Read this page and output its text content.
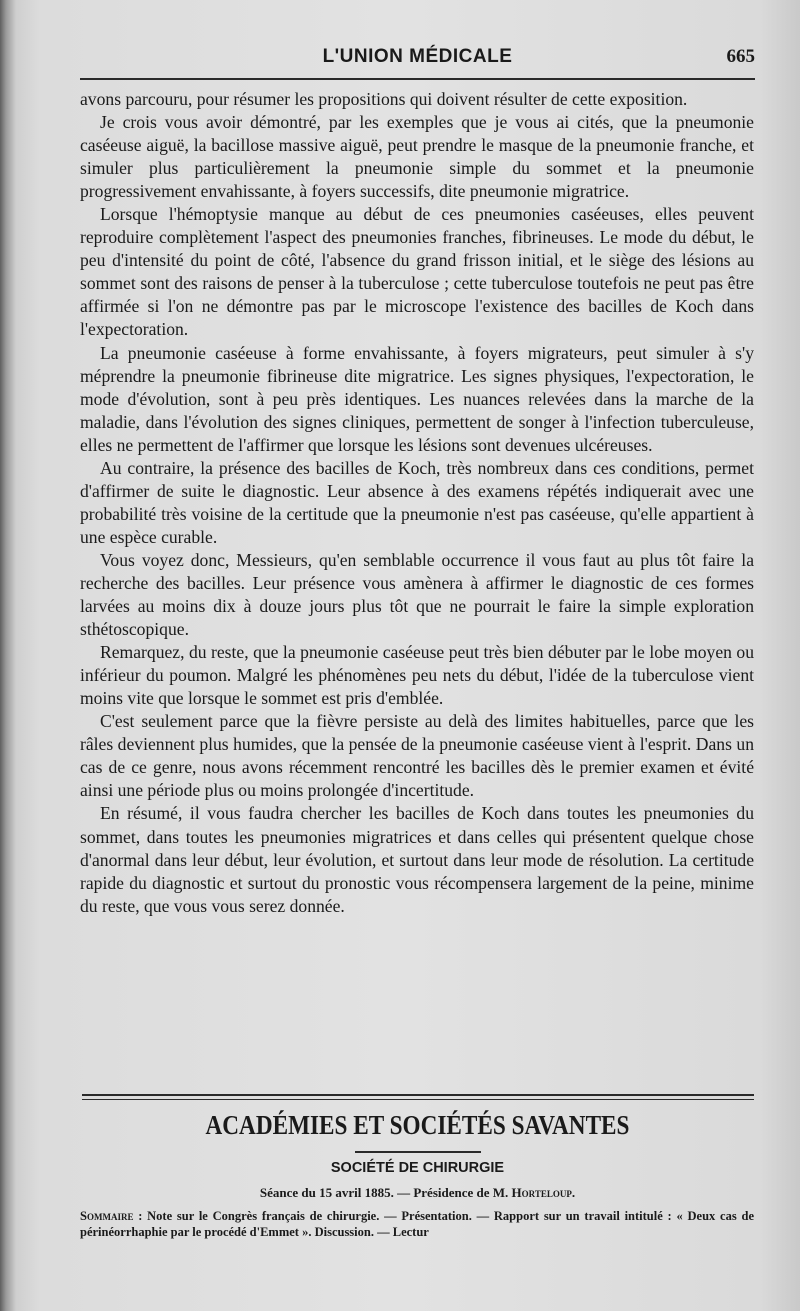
L'UNION MÉDICALE	665

avons parcouru, pour résumer les propositions qui doivent résulter de cette exposition.

Je crois vous avoir démontré, par les exemples que je vous ai cités, que la pneumonie caséeuse aiguë, la bacillose massive aiguë, peut prendre le masque de la pneumonie franche, et simuler plus particulièrement la pneumonie simple du sommet et la pneumonie progressivement envahissante, à foyers successifs, dite pneumonie migratrice.

Lorsque l'hémoptysie manque au début de ces pneumonies caséeuses, elles peuvent reproduire complètement l'aspect des pneumonies franches, fibrineuses. Le mode du début, le peu d'intensité du point de côté, l'absence du grand frisson initial, et le siège des lésions au sommet sont des raisons de penser à la tuberculose ; cette tuberculose toutefois ne peut pas être affirmée si l'on ne démontre pas par le microscope l'existence des bacilles de Koch dans l'expectoration.

La pneumonie caséeuse à forme envahissante, à foyers migrateurs, peut simuler à s'y méprendre la pneumonie fibrineuse dite migratrice. Les signes physiques, l'expectoration, le mode d'évolution, sont à peu près identiques. Les nuances relevées dans la marche de la maladie, dans l'évolution des signes cliniques, permettent de songer à l'infection tuberculeuse, elles ne permettent de l'affirmer que lorsque les lésions sont devenues ulcéreuses.

Au contraire, la présence des bacilles de Koch, très nombreux dans ces conditions, permet d'affirmer de suite le diagnostic. Leur absence à des examens répétés indiquerait avec une probabilité très voisine de la certitude que la pneumonie n'est pas caséeuse, qu'elle appartient à une espèce curable.

Vous voyez donc, Messieurs, qu'en semblable occurrence il vous faut au plus tôt faire la recherche des bacilles. Leur présence vous amènera à affirmer le diagnostic de ces formes larvées au moins dix à douze jours plus tôt que ne pourrait le faire la simple exploration sthétoscopique.

Remarquez, du reste, que la pneumonie caséeuse peut très bien débuter par le lobe moyen ou inférieur du poumon. Malgré les phénomènes peu nets du début, l'idée de la tuberculose vient moins vite que lorsque le sommet est pris d'emblée.

C'est seulement parce que la fièvre persiste au delà des limites habituelles, parce que les râles deviennent plus humides, que la pensée de la pneumonie caséeuse vient à l'esprit. Dans un cas de ce genre, nous avons récemment rencontré les bacilles dès le premier examen et évité ainsi une période plus ou moins prolongée d'incertitude.

En résumé, il vous faudra chercher les bacilles de Koch dans toutes les pneumonies du sommet, dans toutes les pneumonies migratrices et dans celles qui présentent quelque chose d'anormal dans leur début, leur évolution, et surtout dans leur mode de résolution. La certitude rapide du diagnostic et surtout du pronostic vous récompensera largement de la peine, minime du reste, que vous vous serez donnée.

ACADÉMIES ET SOCIÉTÉS SAVANTES
SOCIÉTÉ DE CHIRURGIE
Séance du 15 avril 1885. — Présidence de M. Horteloup.
Sommaire : Note sur le Congrès français de chirurgie. — Présentation. — Rapport sur un travail intitulé : « Deux cas de périnéorrhaphie par le procédé d'Emmet ». Discussion. — Lectur
